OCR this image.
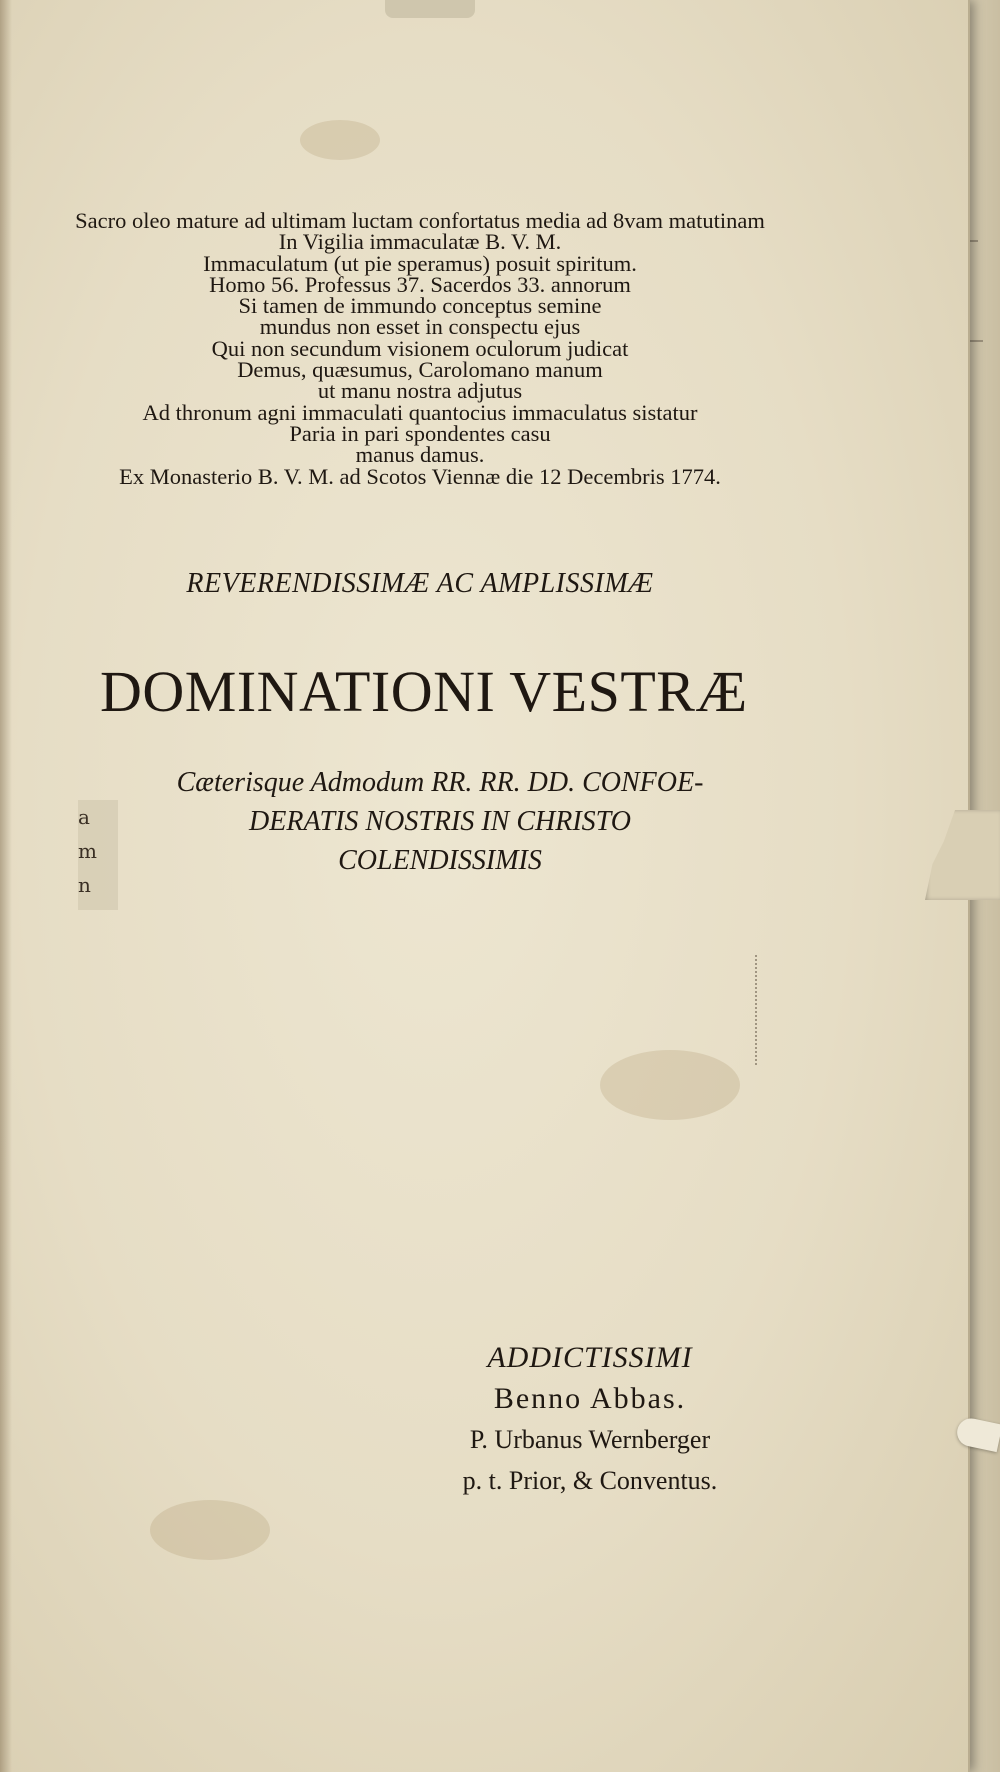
Sacro oleo mature ad ultimam luctam confortatus media ad 8vam matutinam
In Vigilia immaculatæ B. V. M.
Immaculatum (ut pie speramus) posuit spiritum.
Homo 56. Professus 37. Sacerdos 33. annorum
Si tamen de immundo conceptus semine
mundus non esset in conspectu ejus
Qui non secundum visionem oculorum judicat
Demus, quæsumus, Carolomano manum
ut manu nostra adjutus
Ad thronum agni immaculati quantocius immaculatus sistatur
Paria in pari spondentes casu
manus damus.
Ex Monasterio B. V. M. ad Scotos Viennæ die 12 Decembris 1774.
REVERENDISSIMÆ AC AMPLISSIMÆ
DOMINATIONI VESTRÆ
Cæterisque Admodum RR. RR. DD. CONFOE-
DERATIS NOSTRIS IN CHRISTO
COLENDISSIMIS
a
m
n
ADDICTISSIMI
Benno Abbas.
P. Urbanus Wernberger
p. t. Prior, & Conventus.
